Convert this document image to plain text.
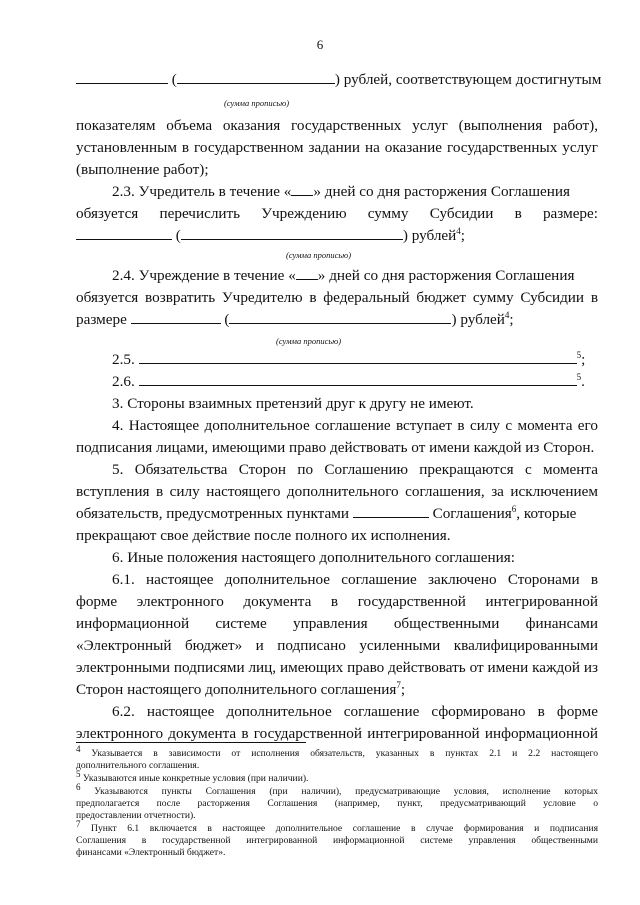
6
(	) рублей, соответствующем достигнутым
(сумма прописью)
показателям объема оказания государственных услуг (выполнения работ),
установленным в государственном задании на оказание государственных услуг
(выполнение работ);
2.3. Учредитель в течение « » дней со дня расторжения Соглашения
обязуется перечислить Учреждению сумму Субсидии в размере:
(	) рублей$^4$;
(сумма прописью)
2.4. Учреждение в течение « » дней со дня расторжения Соглашения
обязуется возвратить Учредителю в федеральный бюджет сумму Субсидии в
размере	(	) рублей$^4$;
(сумма прописью)
2.5.	$^5$;
2.6.	$^5$.
3. Стороны взаимных претензий друг к другу не имеют.
4. Настоящее дополнительное соглашение вступает в силу с момента его
подписания лицами, имеющими право действовать от имени каждой из Сторон.
5. Обязательства Сторон по Соглашению прекращаются с момента
вступления в силу настоящего дополнительного соглашения, за исключением
обязательств, предусмотренных пунктами	Соглашения$^6$, которые
прекращают свое действие после полного их исполнения.
6. Иные положения настоящего дополнительного соглашения:
6.1. настоящее дополнительное соглашение заключено Сторонами в
форме электронного документа в государственной интегрированной
информационной системе управления общественными финансами
«Электронный бюджет» и подписано усиленными квалифицированными
электронными подписями лиц, имеющих право действовать от имени каждой из
Сторон настоящего дополнительного соглашения$^7$;
6.2. настоящее дополнительное соглашение сформировано в форме
электронного документа в государственной интегрированной информационной
$^4$ Указывается в зависимости от исполнения обязательств, указанных в пунктах 2.1 и 2.2 настоящего
дополнительного соглашения.
$^5$ Указываются иные конкретные условия (при наличии).
$^6$ Указываются пункты Соглашения (при наличии), предусматривающие условия, исполнение которых
предполагается после расторжения Соглашения (например, пункт, предусматривающий условие о
предоставлении отчетности).
$^7$ Пункт 6.1 включается в настоящее дополнительное соглашение в случае формирования и подписания
Соглашения в государственной интегрированной информационной системе управления общественными
финансами «Электронный бюджет».
